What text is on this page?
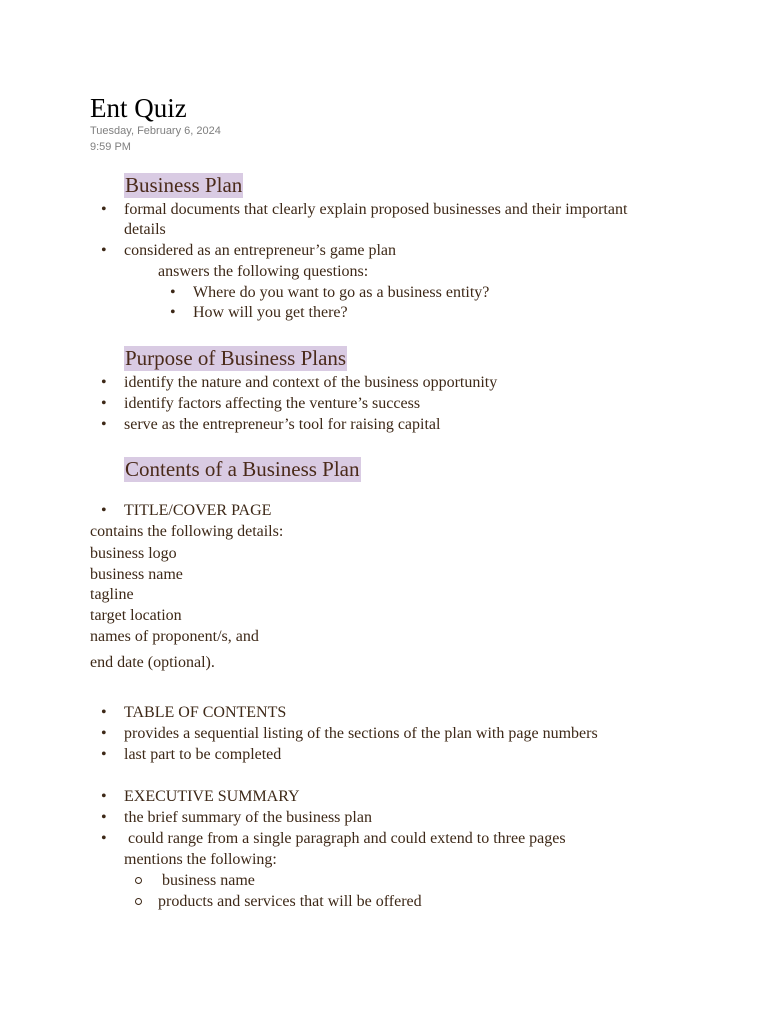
Ent Quiz
Tuesday, February 6, 2024
9:59 PM
Business Plan
• formal documents that clearly explain proposed businesses and their important
details
• considered as an entrepreneur’s game plan
answers the following questions:
• Where do you want to go as a business entity?
• How will you get there?
Purpose of Business Plans
• identify the nature and context of the business opportunity
• identify factors affecting the venture’s success
• serve as the entrepreneur’s tool for raising capital
Contents of a Business Plan
• TITLE/COVER PAGE
contains the following details:
business logo
business name
tagline
target location
names of proponent/s, and
end date (optional).
• TABLE OF CONTENTS
• provides a sequential listing of the sections of the plan with page numbers
• last part to be completed
• EXECUTIVE SUMMARY
• the brief summary of the business plan
• could range from a single paragraph and could extend to three pages
mentions the following:
business name
products and services that will be offered
